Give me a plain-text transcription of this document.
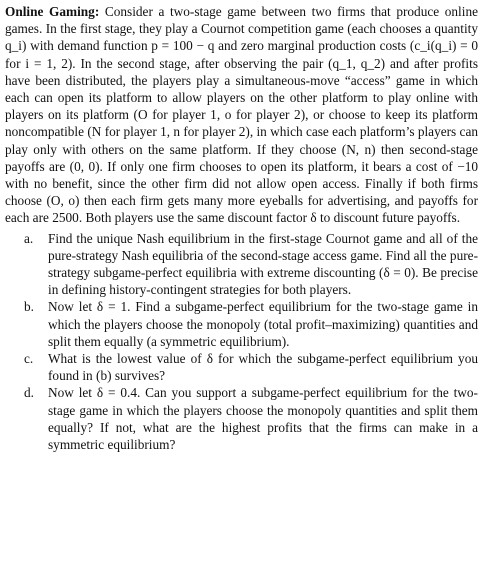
Online Gaming: Consider a two-stage game between two firms that produce online games. In the first stage, they play a Cournot competition game (each chooses a quantity q_i) with demand function p = 100 − q and zero marginal production costs (c_i(q_i) = 0 for i = 1, 2). In the second stage, after observing the pair (q_1, q_2) and after profits have been distributed, the players play a simultaneous-move “access” game in which each can open its platform to allow players on the other platform to play online with players on its platform (O for player 1, o for player 2), or choose to keep its platform noncompatible (N for player 1, n for player 2), in which case each platform’s players can play only with others on the same platform. If they choose (N, n) then second-stage payoffs are (0, 0). If only one firm chooses to open its platform, it bears a cost of −10 with no benefit, since the other firm did not allow open access. Finally if both firms choose (O, o) then each firm gets many more eyeballs for advertising, and payoffs for each are 2500. Both players use the same discount factor δ to discount future payoffs.

a. Find the unique Nash equilibrium in the first-stage Cournot game and all of the pure-strategy Nash equilibria of the second-stage access game. Find all the pure-strategy subgame-perfect equilibria with extreme discounting (δ = 0). Be precise in defining history-contingent strategies for both players.
b. Now let δ = 1. Find a subgame-perfect equilibrium for the two-stage game in which the players choose the monopoly (total profit–maximizing) quantities and split them equally (a symmetric equilibrium).
c. What is the lowest value of δ for which the subgame-perfect equilibrium you found in (b) survives?
d. Now let δ = 0.4. Can you support a subgame-perfect equilibrium for the two-stage game in which the players choose the monopoly quantities and split them equally? If not, what are the highest profits that the firms can make in a symmetric equilibrium?
